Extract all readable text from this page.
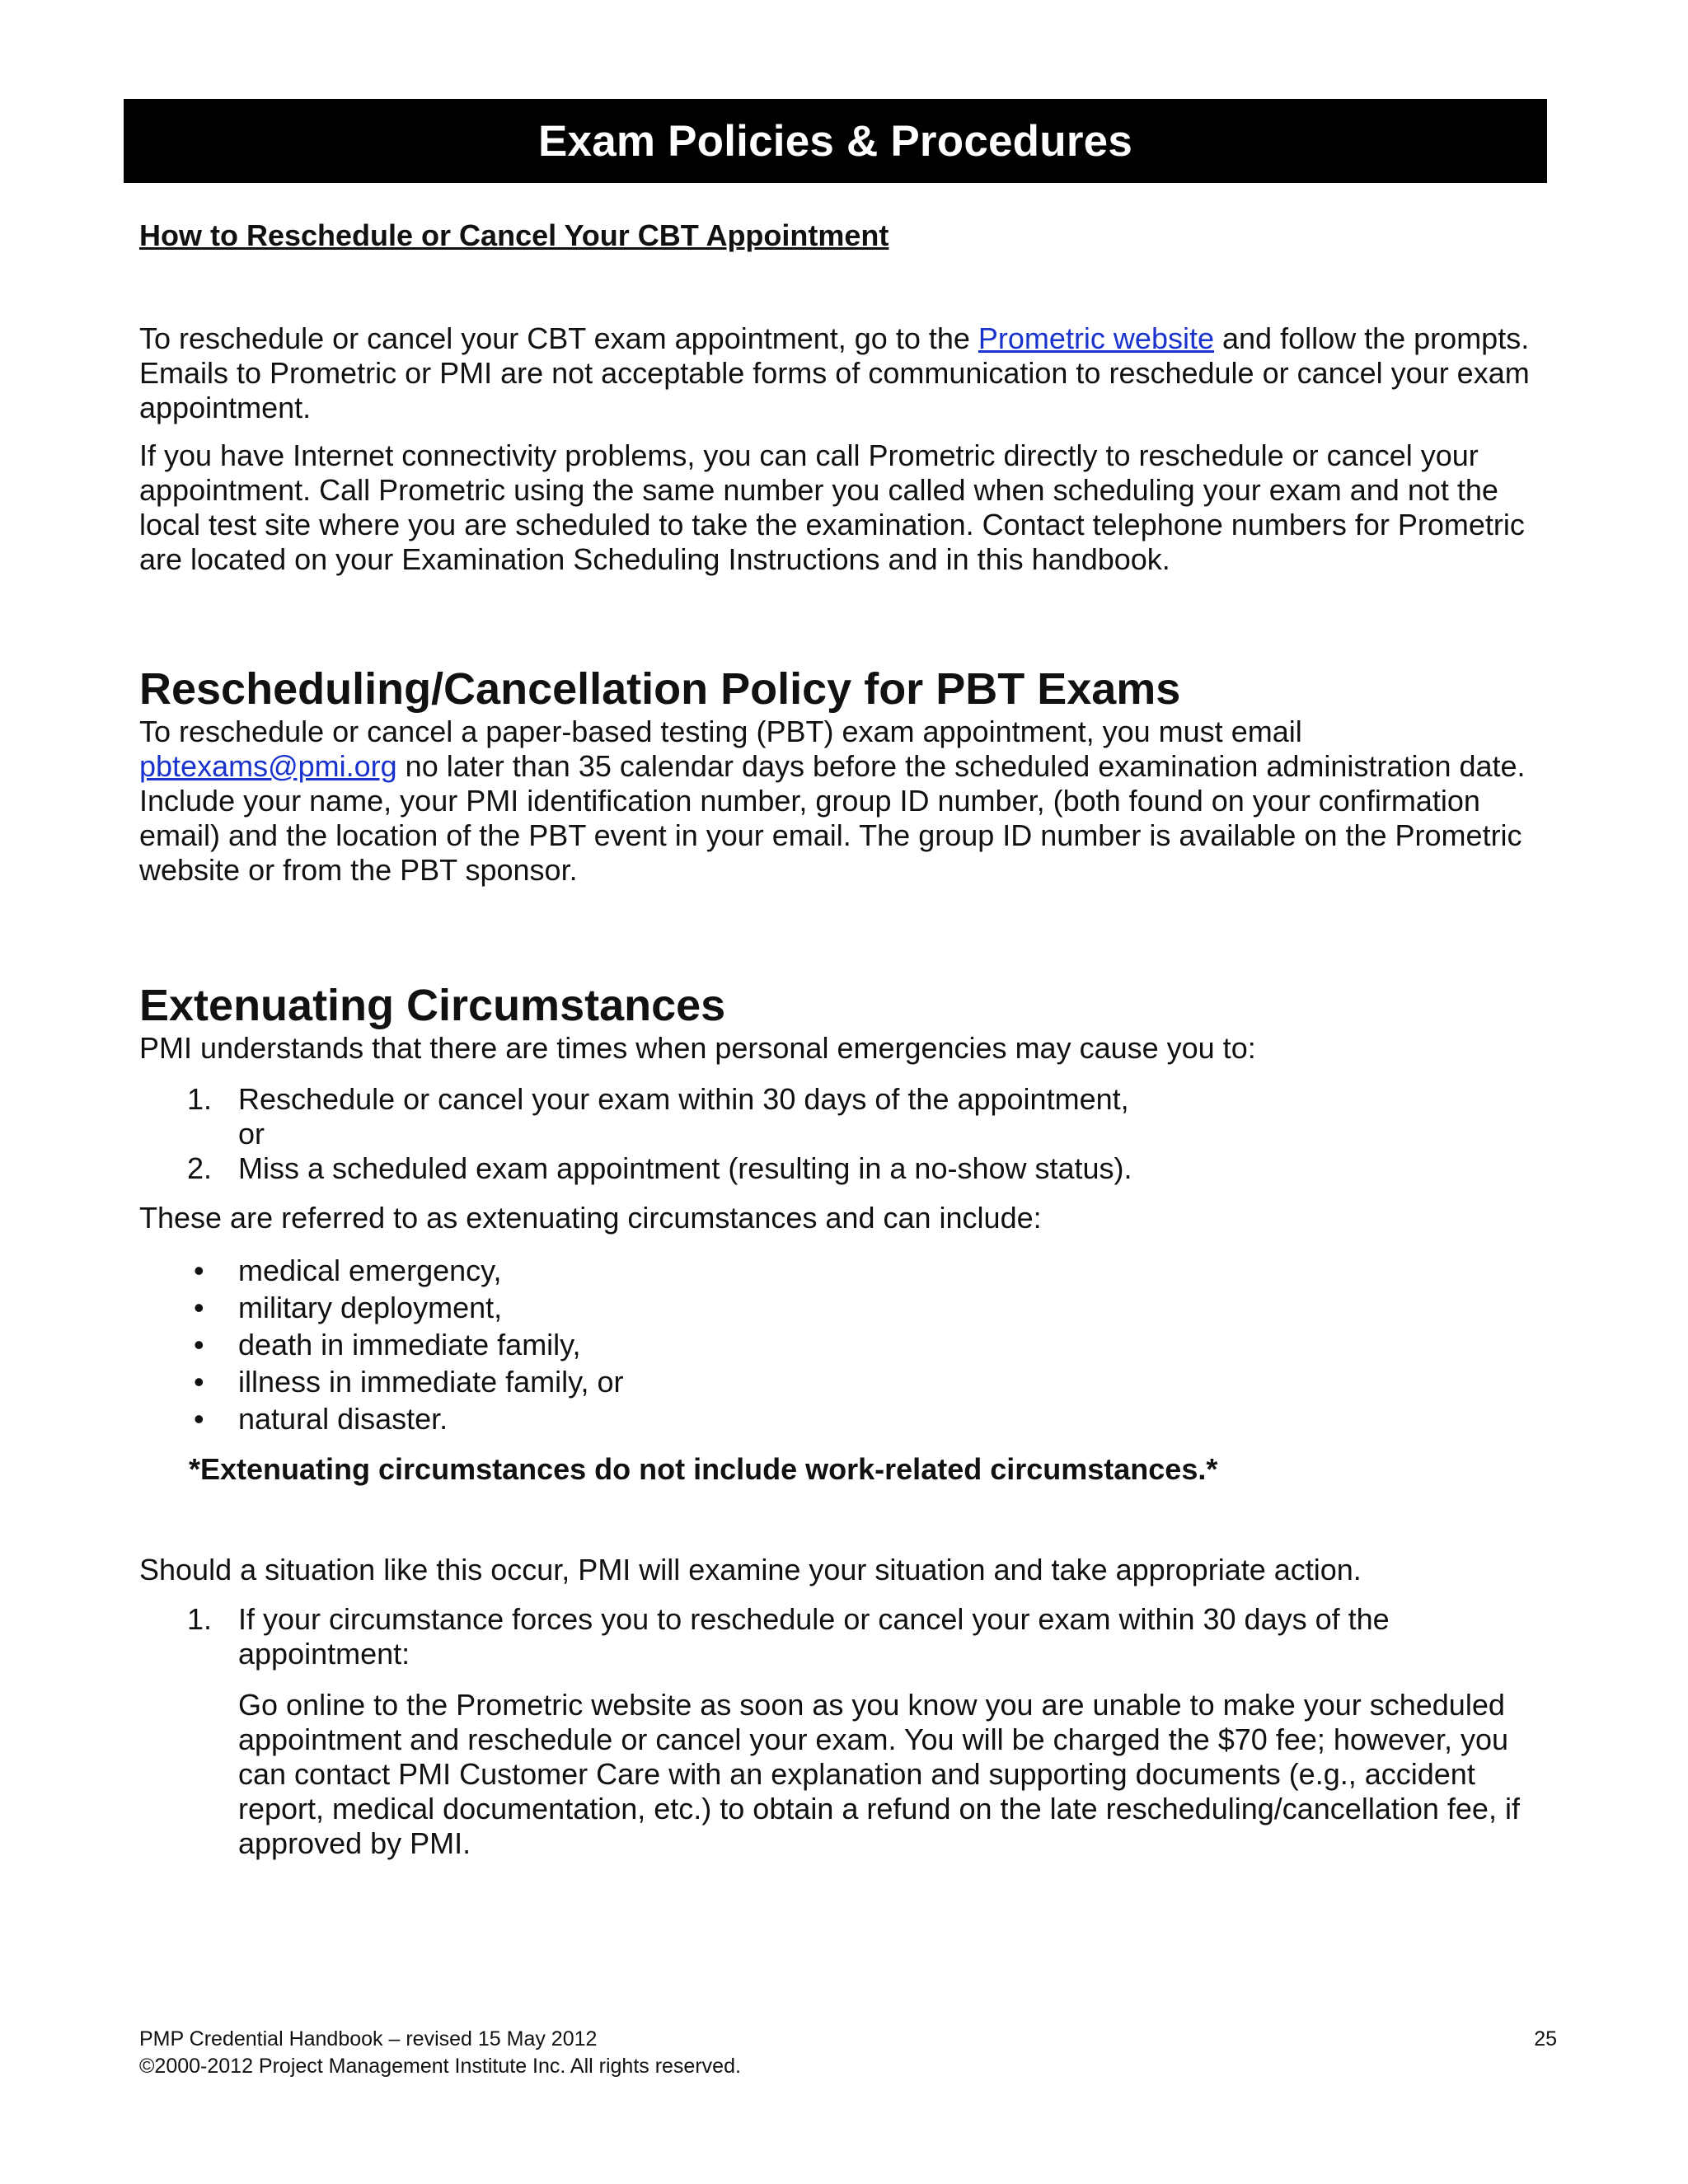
Exam Policies & Procedures
How to Reschedule or Cancel Your CBT Appointment

To reschedule or cancel your CBT exam appointment, go to the Prometric website and follow the prompts. Emails to Prometric or PMI are not acceptable forms of communication to reschedule or cancel your exam appointment.

If you have Internet connectivity problems, you can call Prometric directly to reschedule or cancel your appointment. Call Prometric using the same number you called when scheduling your exam and not the local test site where you are scheduled to take the examination. Contact telephone numbers for Prometric are located on your Examination Scheduling Instructions and in this handbook.

Rescheduling/Cancellation Policy for PBT Exams

To reschedule or cancel a paper-based testing (PBT) exam appointment, you must email pbtexams@pmi.org no later than 35 calendar days before the scheduled examination administration date. Include your name, your PMI identification number, group ID number, (both found on your confirmation email) and the location of the PBT event in your email. The group ID number is available on the Prometric website or from the PBT sponsor.

Extenuating Circumstances

PMI understands that there are times when personal emergencies may cause you to:

1. Reschedule or cancel your exam within 30 days of the appointment,
or
2. Miss a scheduled exam appointment (resulting in a no-show status).

These are referred to as extenuating circumstances and can include:

• medical emergency,
• military deployment,
• death in immediate family,
• illness in immediate family, or
• natural disaster.
*Extenuating circumstances do not include work-related circumstances.*

Should a situation like this occur, PMI will examine your situation and take appropriate action.

1. If your circumstance forces you to reschedule or cancel your exam within 30 days of the appointment:
Go online to the Prometric website as soon as you know you are unable to make your scheduled appointment and reschedule or cancel your exam. You will be charged the $70 fee; however, you can contact PMI Customer Care with an explanation and supporting documents (e.g., accident report, medical documentation, etc.) to obtain a refund on the late rescheduling/cancellation fee, if approved by PMI.
PMP Credential Handbook – revised 15 May 2012
©2000-2012 Project Management Institute Inc. All rights reserved.
25
